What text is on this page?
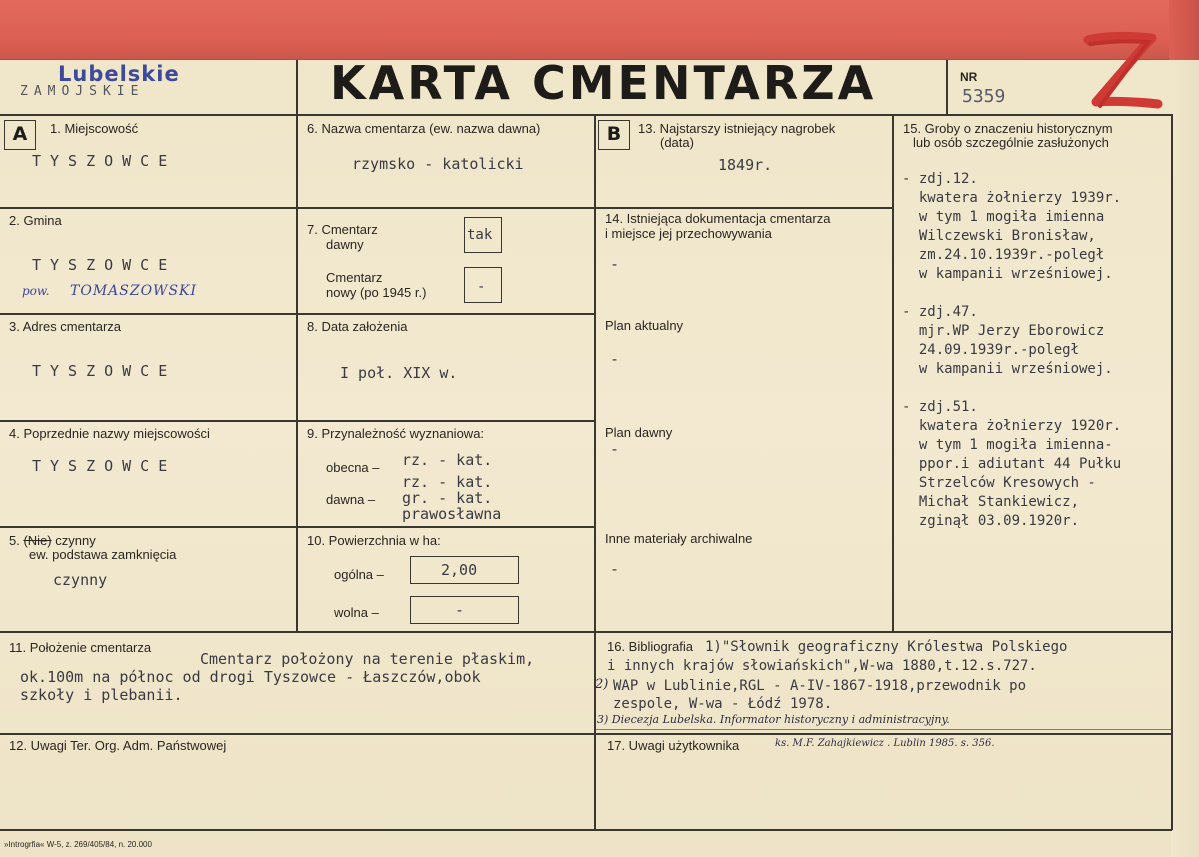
Lubelskie
ZAMOJSKIE	KARTA CMENTARZA	NR
5359
A	B
1. Miejscowość
TYSZOWCE
2. Gmina
TYSZOWCE
pow. TOMASZOWSKI
3. Adres cmentarza
TYSZOWCE
4. Poprzednie nazwy miejscowości
TYSZOWCE
5. (Nie) czynny
ew. podstawa zamknięcia
czynny
6. Nazwa cmentarza (ew. nazwa dawna)
rzymsko - katolicki
7. Cmentarz
dawny
tak
Cmentarz
nowy (po 1945 r.)	-
8. Data założenia
I poł. XIX w.
9. Przynależność wyznaniowa:
obecna – rz. - kat.
dawna –
rz. - kat.
gr. - kat.
prawosławna
10. Powierzchnia w ha:
ogólna –	2,00
wolna –	-
13. Najstarszy istniejący nagrobek
(data)
1849r.
14. Istniejąca dokumentacja cmentarza
i miejsce jej przechowywania
-
Plan aktualny
-
Plan dawny
-
Inne materiały archiwalne
-
15. Groby o znaczeniu historycznym
lub osób szczególnie zasłużonych
- zdj.12.
kwatera żołnierzy 1939r.
w tym 1 mogiła imienna
Wilczewski Bronisław,
zm.24.10.1939r.-poległ
w kampanii wrześniowej.
- zdj.47.
mjr.WP Jerzy Eborowicz
24.09.1939r.-poległ
w kampanii wrześniowej.
- zdj.51.
kwatera żołnierzy 1920r.
w tym 1 mogiła imienna-
ppor.i adiutant 44 Pułku
Strzelców Kresowych -
Michał Stankiewicz,
zginął 03.09.1920r.
11. Położenie cmentarza
Cmentarz położony na terenie płaskim,
ok.100m na północ od drogi Tyszowce - Łaszczów,obok
szkoły i plebanii.
12. Uwagi Ter. Org. Adm. Państwowej
16. Bibliografia 1)"Słownik geograficzny Królestwa Polskiego
i innych krajów słowiańskich",W-wa 1880,t.12.s.727.
2) WAP w Lublinie,RGL - A-IV-1867-1918,przewodnik po
zespole, W-wa - Łódź 1978.
3) Diecezja Lubelska. Informator historyczny i administracyjny.
17. Uwagi użytkownika	ks. M.F. Zahajkiewicz . Lublin 1985. s. 356.
»Introgrfia« W-5, z. 269/405/84, n. 20.000
